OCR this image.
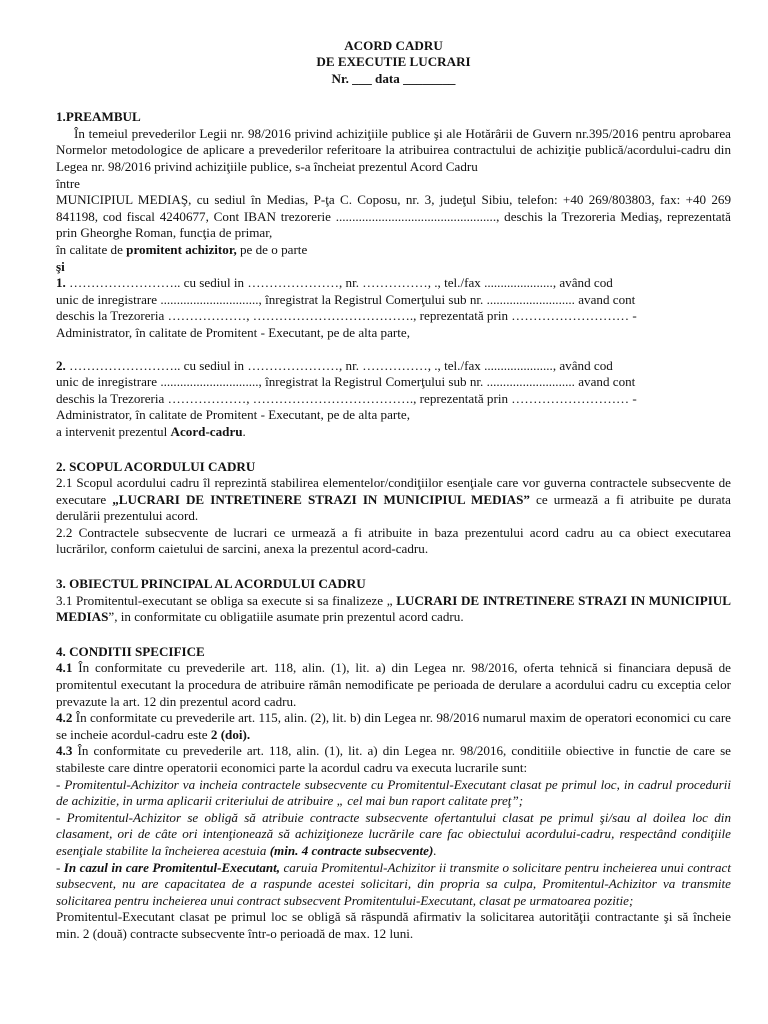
ACORD CADRU
DE EXECUTIE LUCRARI
Nr. ___ data ________
1.PREAMBUL
În temeiul prevederilor Legii nr. 98/2016 privind achiziţiile publice şi ale Hotărârii de Guvern nr.395/2016 pentru aprobarea Normelor metodologice de aplicare a prevederilor referitoare la atribuirea contractului de achiziţie publică/acordului-cadru din Legea nr. 98/2016 privind achiziţiile publice, s-a încheiat prezentul Acord Cadru
între
MUNICIPIUL MEDIAŞ, cu sediul în Medias, P-ţa C. Coposu, nr. 3, judeţul Sibiu, telefon: +40 269/803803, fax: +40 269 841198, cod fiscal 4240677, Cont IBAN trezorerie ................................................., deschis la Trezoreria Mediaş, reprezentată prin Gheorghe Roman, funcţia de primar,
în calitate de promitent achizitor, pe de o parte
şi
1. …………………….. cu sediul in …………………, nr. ……………, ., tel./fax ....................., având cod
unic de inregistrare .............................., înregistrat la Registrul Comerţului sub nr. ........................... avand cont
deschis la Trezoreria ………………, ………………………………., reprezentată prin ……………………… -
Administrator, în calitate de Promitent - Executant, pe de alta parte,
2. …………………….. cu sediul in …………………, nr. ……………, ., tel./fax ....................., având cod
unic de inregistrare .............................., înregistrat la Registrul Comerţului sub nr. ........................... avand cont
deschis la Trezoreria ………………, ………………………………., reprezentată prin ……………………… -
Administrator, în calitate de Promitent - Executant, pe de alta parte,
a intervenit prezentul Acord-cadru.
2. SCOPUL ACORDULUI CADRU
2.1 Scopul acordului cadru îl reprezintă stabilirea elementelor/condiţiilor esenţiale care vor guverna contractele subsecvente de executare „LUCRARI DE INTRETINERE STRAZI IN MUNICIPIUL MEDIAS” ce urmează a fi atribuite pe durata derulării prezentului acord.
2.2 Contractele subsecvente de lucrari ce urmează a fi atribuite in baza prezentului acord cadru au ca obiect executarea lucrărilor, conform caietului de sarcini, anexa la prezentul acord-cadru.
3. OBIECTUL PRINCIPAL AL ACORDULUI CADRU
3.1 Promitentul-executant se obliga sa execute si sa finalizeze „ LUCRARI DE INTRETINERE STRAZI IN MUNICIPIUL MEDIAS”, in conformitate cu obligatiile asumate prin prezentul acord cadru.
4. CONDITII SPECIFICE
4.1 În conformitate cu prevederile art. 118, alin. (1), lit. a) din Legea nr. 98/2016, oferta tehnică si financiara depusă de promitentul executant la procedura de atribuire rămân nemodificate pe perioada de derulare a acordului cadru cu exceptia celor prevazute la art. 12 din prezentul acord cadru.
4.2 În conformitate cu prevederile art. 115, alin. (2), lit. b) din Legea nr. 98/2016 numarul maxim de operatori economici cu care se incheie acordul-cadru este 2 (doi).
4.3 În conformitate cu prevederile art. 118, alin. (1), lit. a) din Legea nr. 98/2016, conditiile obiective in functie de care se stabileste care dintre operatorii economici parte la acordul cadru va executa lucrarile sunt:
- Promitentul-Achizitor va incheia contractele subsecvente cu Promitentul-Executant clasat pe primul loc, in cadrul procedurii de achizitie, in urma aplicarii criteriului de atribuire „ cel mai bun raport calitate preţ”;
- Promitentul-Achizitor se obligă să atribuie contracte subsecvente ofertantului clasat pe primul şi/sau al doilea loc din clasament, ori de câte ori intenţionează să achiziţioneze lucrările care fac obiectului acordului-cadru, respectând condiţiile esenţiale stabilite la încheierea acestuia (min. 4 contracte subsecvente).
- In cazul in care Promitentul-Executant, caruia Promitentul-Achizitor ii transmite o solicitare pentru incheierea unui contract subsecvent, nu are capacitatea de a raspunde acestei solicitari, din propria sa culpa, Promitentul-Achizitor va transmite solicitarea pentru incheierea unui contract subsecvent Promitentului-Executant, clasat pe urmatoarea pozitie;
Promitentul-Executant clasat pe primul loc se obligă să răspundă afirmativ la solicitarea autorităţii contractante şi să încheie min. 2 (două) contracte subsecvente într-o perioadă de max. 12 luni.
